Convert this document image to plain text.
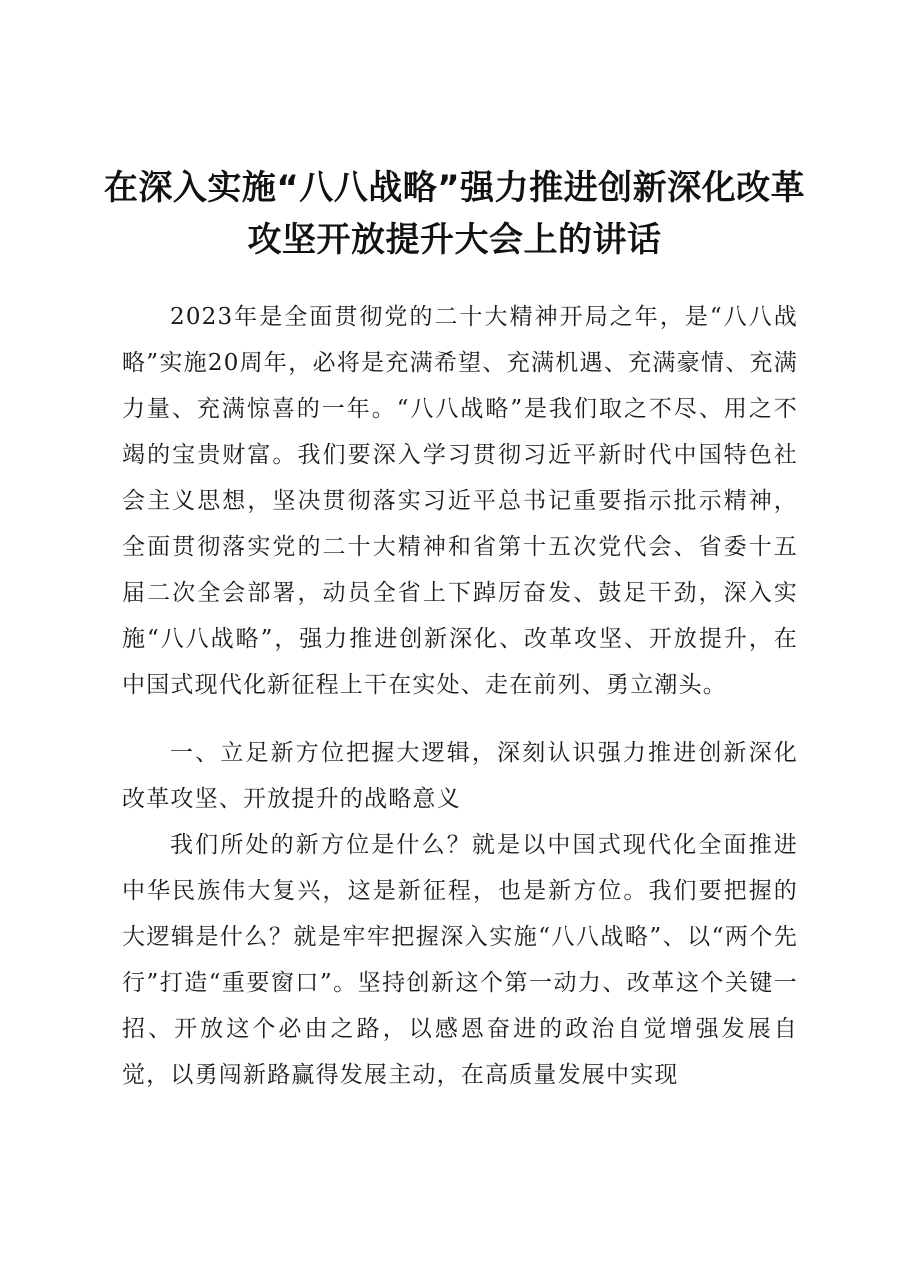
在深入实施“八八战略”强力推进创新深化改革攻坚开放提升大会上的讲话

2023年是全面贯彻党的二十大精神开局之年，是“八八战略”实施20周年，必将是充满希望、充满机遇、充满豪情、充满力量、充满惊喜的一年。“八八战略”是我们取之不尽、用之不竭的宝贵财富。我们要深入学习贯彻习近平新时代中国特色社会主义思想，坚决贯彻落实习近平总书记重要指示批示精神，全面贯彻落实党的二十大精神和省第十五次党代会、省委十五届二次全会部署，动员全省上下踔厉奋发、鼓足干劲，深入实施“八八战略”，强力推进创新深化、改革攻坚、开放提升，在中国式现代化新征程上干在实处、走在前列、勇立潮头。

一、立足新方位把握大逻辑，深刻认识强力推进创新深化改革攻坚、开放提升的战略意义

我们所处的新方位是什么？就是以中国式现代化全面推进中华民族伟大复兴，这是新征程，也是新方位。我们要把握的大逻辑是什么？就是牢牢把握深入实施“八八战略”、以“两个先行”打造“重要窗口”。坚持创新这个第一动力、改革这个关键一招、开放这个必由之路，以感恩奋进的政治自觉增强发展自觉，以勇闯新路赢得发展主动，在高质量发展中实现
